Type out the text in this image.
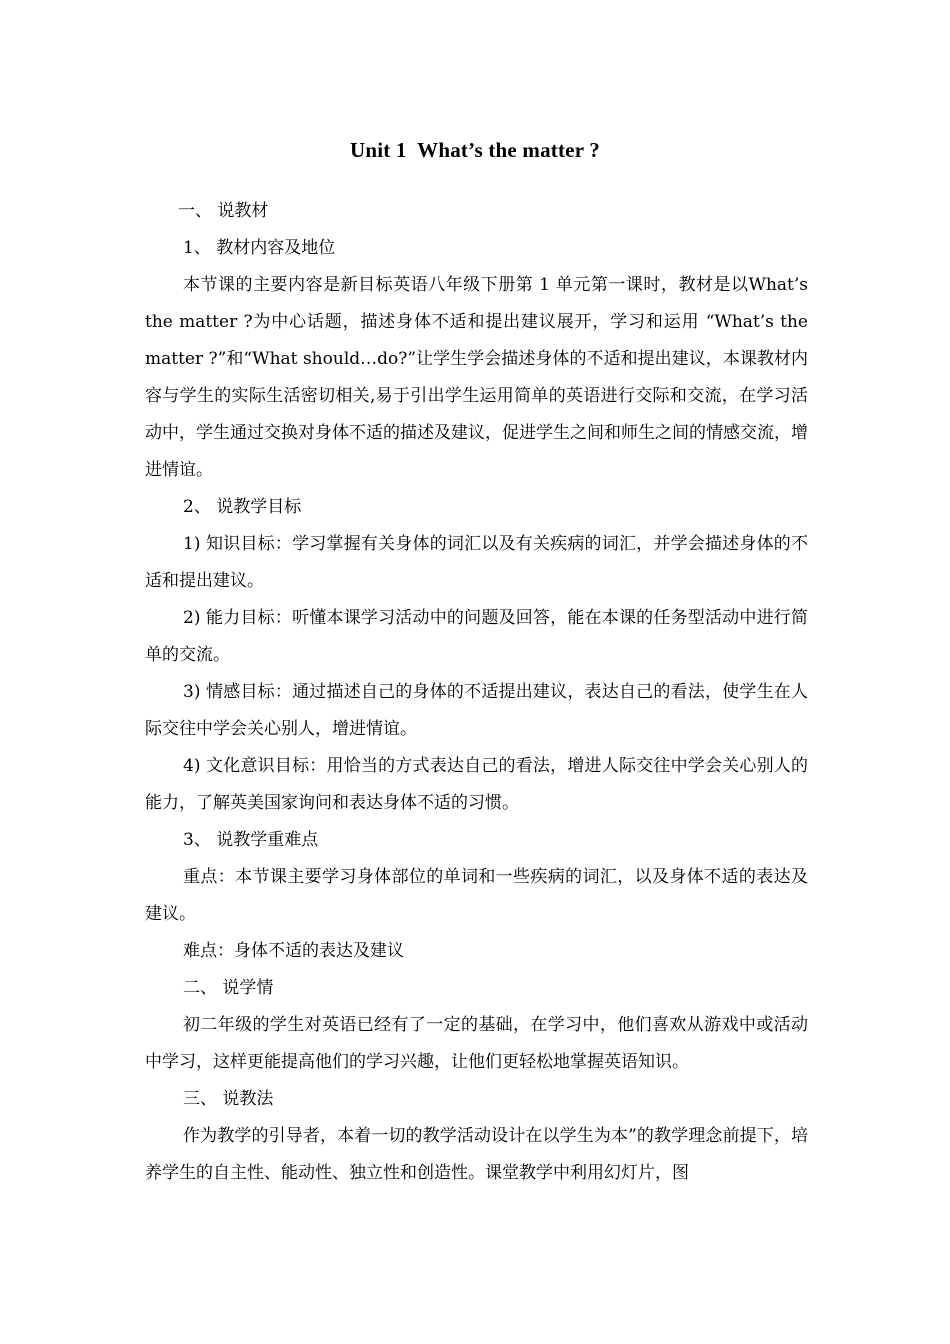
Unit 1  What’s the matter ?

一、 说教材

1、 教材内容及地位

本节课的主要内容是新目标英语八年级下册第 1 单元第一课时，教材是以What’s the matter ?为中心话题，描述身体不适和提出建议展开，学习和运用 “What’s the matter ?”和“What should…do?”让学生学会描述身体的不适和提出建议，本课教材内容与学生的实际生活密切相关,易于引出学生运用简单的英语进行交际和交流，在学习活动中，学生通过交换对身体不适的描述及建议，促进学生之间和师生之间的情感交流，增进情谊。

2、 说教学目标

1) 知识目标：学习掌握有关身体的词汇以及有关疾病的词汇，并学会描述身体的不适和提出建议。

2) 能力目标：听懂本课学习活动中的问题及回答，能在本课的任务型活动中进行简单的交流。

3) 情感目标：通过描述自己的身体的不适提出建议，表达自己的看法，使学生在人际交往中学会关心别人，增进情谊。

4) 文化意识目标：用恰当的方式表达自己的看法，增进人际交往中学会关心别人的能力，了解英美国家询问和表达身体不适的习惯。

3、 说教学重难点

重点：本节课主要学习身体部位的单词和一些疾病的词汇，以及身体不适的表达及建议。

难点：身体不适的表达及建议

二、 说学情

初二年级的学生对英语已经有了一定的基础，在学习中，他们喜欢从游戏中或活动中学习，这样更能提高他们的学习兴趣，让他们更轻松地掌握英语知识。

三、 说教法

作为教学的引导者，本着一切的教学活动设计在以学生为本”的教学理念前提下，培养学生的自主性、能动性、独立性和创造性。课堂教学中利用幻灯片，图
